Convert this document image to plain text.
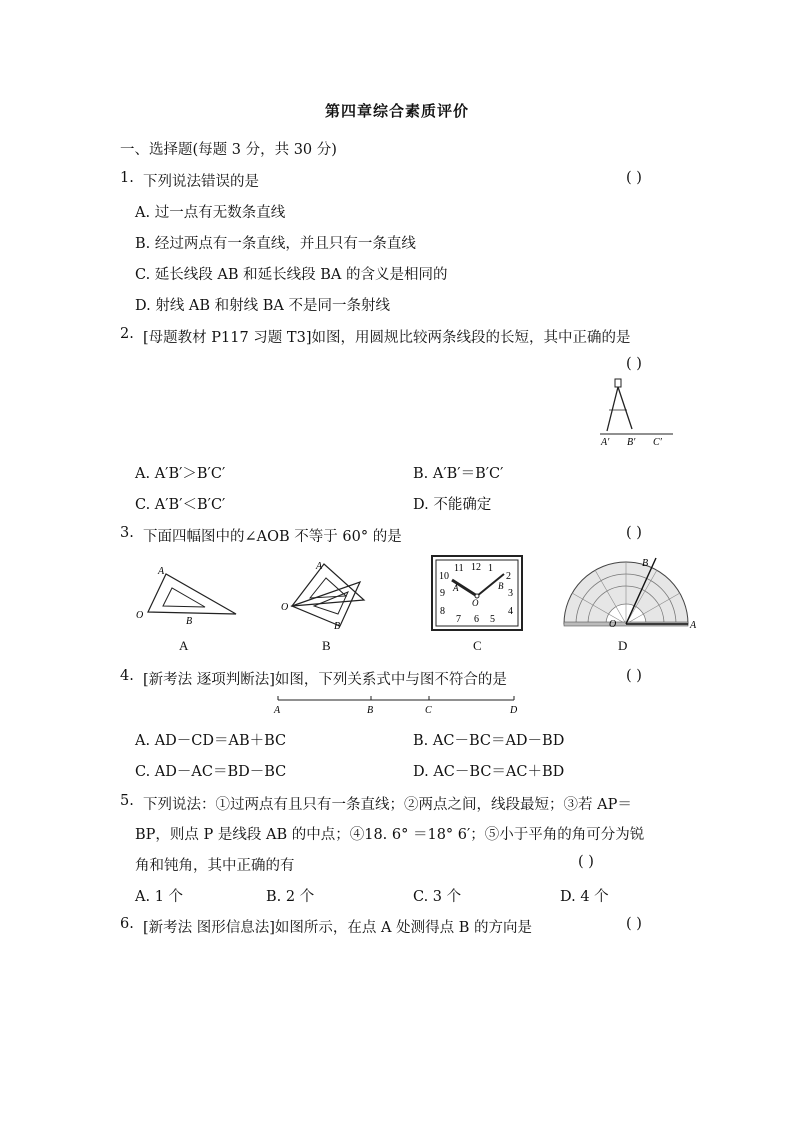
第四章综合素质评价
一、选择题(每题 3 分，共 30 分)
1. 下列说法错误的是	( )
A. 过一点有无数条直线
B. 经过两点有一条直线，并且只有一条直线
C. 延长线段 AB 和延长线段 BA 的含义是相同的
D. 射线 AB 和射线 BA 不是同一条射线
2. [母题教材 P117 习题 T3]如图，用圆规比较两条线段的长短，其中正确的是
( )
A′ B′ C′
A. A′B′＞B′C′	B. A′B′＝B′C′
C. A′B′＜B′C′	D. 不能确定
3. 下面四幅图中的∠AOB 不等于 60° 的是	( )
A
B
O
A
A
B
O
B
11 12 1
10	2
9	3
8	4
7 6 5
A	B
O
C
B
A
O
D
4. [新考法 逐项判断法]如图，下列关系式中与图不符合的是	( )
A	B	C	D
A. AD－CD＝AB＋BC	B. AC－BC＝AD－BD
C. AD－AC＝BD－BC	D. AC－BC＝AC＋BD
5. 下列说法：①过两点有且只有一条直线；②两点之间，线段最短；③若 AP＝
BP，则点 P 是线段 AB 的中点；④18. 6° ＝18° 6′；⑤小于平角的角可分为锐
角和钝角，其中正确的有	( )
A. 1 个	B. 2 个	C. 3 个	D. 4 个
6. [新考法 图形信息法]如图所示，在点 A 处测得点 B 的方向是	( )
